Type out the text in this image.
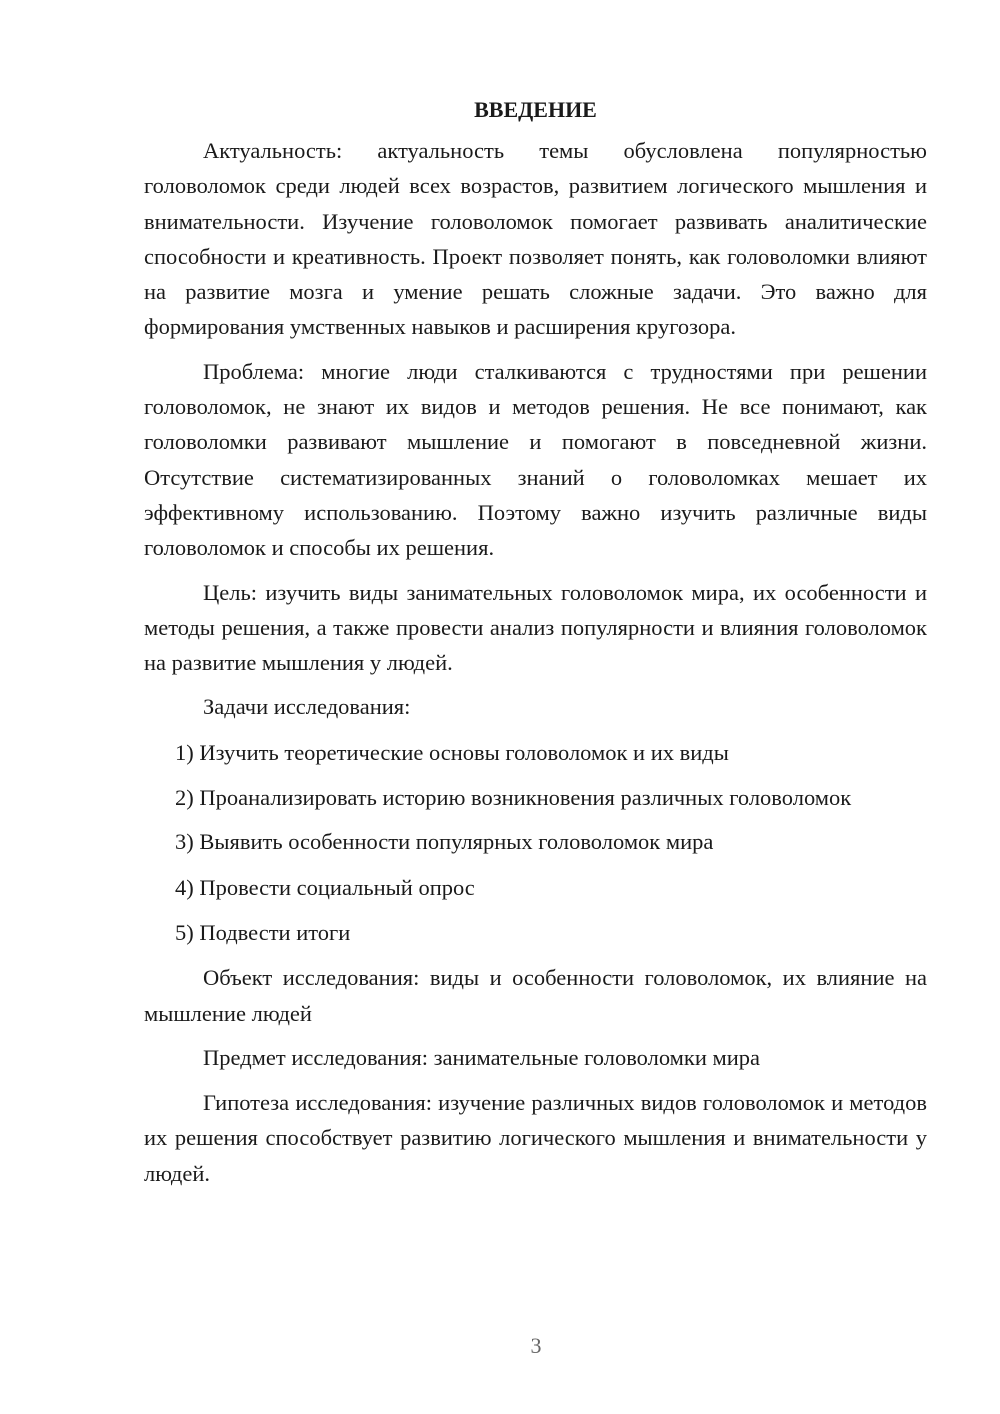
ВВЕДЕНИЕ

Актуальность: актуальность темы обусловлена популярностью головоломок среди людей всех возрастов, развитием логического мышления и внимательности. Изучение головоломок помогает развивать аналитические способности и креативность. Проект позволяет понять, как головоломки влияют на развитие мозга и умение решать сложные задачи. Это важно для формирования умственных навыков и расширения кругозора.

Проблема: многие люди сталкиваются с трудностями при решении головоломок, не знают их видов и методов решения. Не все понимают, как головоломки развивают мышление и помогают в повседневной жизни. Отсутствие систематизированных знаний о головоломках мешает их эффективному использованию. Поэтому важно изучить различные виды головоломок и способы их решения.

Цель: изучить виды занимательных головоломок мира, их особенности и методы решения, а также провести анализ популярности и влияния головоломок на развитие мышления у людей.

Задачи исследования:

1) Изучить теоретические основы головоломок и их виды

2) Проанализировать историю возникновения различных головоломок

3) Выявить особенности популярных головоломок мира

4) Провести социальный опрос

5) Подвести итоги

Объект исследования: виды и особенности головоломок, их влияние на мышление людей

Предмет исследования: занимательные головоломки мира

Гипотеза исследования: изучение различных видов головоломок и методов их решения способствует развитию логического мышления и внимательности у людей.

3
